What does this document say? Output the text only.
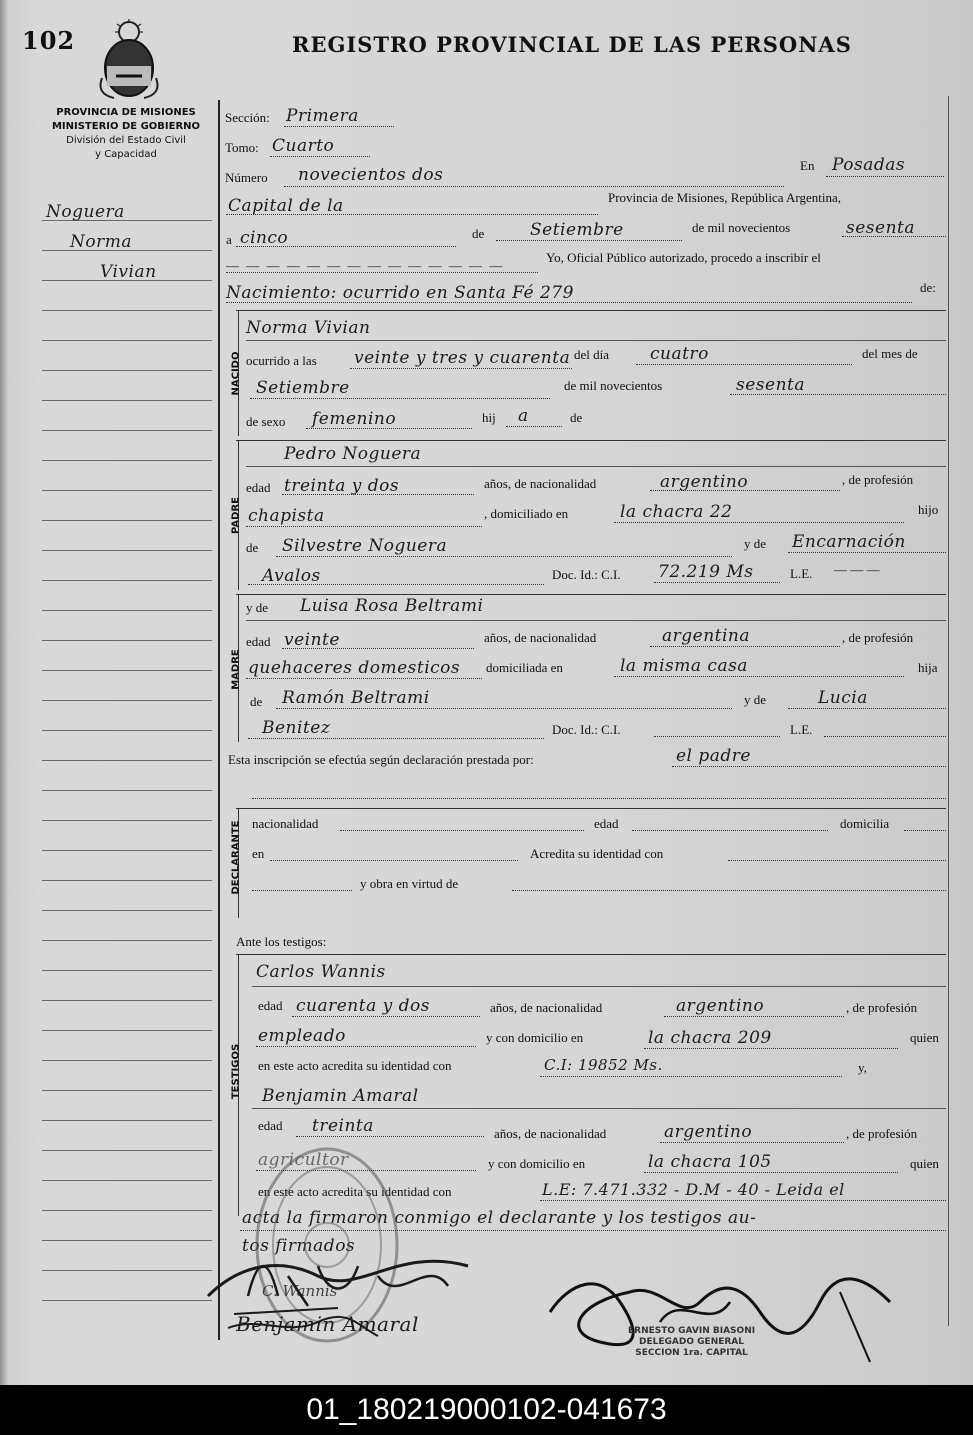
102	REGISTRO PROVINCIAL DE LAS PERSONAS
PROVINCIA DE MISIONES
MINISTERIO DE GOBIERNO
División del Estado Civil
y Capacidad
Noguera
Norma
Vivian
Sección: Primera
Tomo: Cuarto
Número novecientos dos	En Posadas
Capital de la	Provincia de Misiones, República Argentina,
a cinco	de	Setiembre	de mil novecientos	sesenta
— — — — — — — — — — — — — —
Yo, Oficial Público autorizado, procedo a inscribir el
Nacimiento: ocurrido en Santa Fé 279	de:
NACIDO
Norma Vivian
ocurrido a las veinte y tres y cuarenta del día cuatro	del mes de
Setiembre	de mil novecientos	sesenta
de sexo femenino	hij a	de
PADRE
Pedro Noguera
edad treinta y dos	años, de nacionalidad	argentino	, de profesión
chapista	, domiciliado en	la chacra 22	hijo
de Silvestre Noguera	y de Encarnación
Avalos	Doc. Id.: C.I. 72.219 Ms	L.E. — — —
MADRE
y de Luisa Rosa Beltrami
edad veinte	años, de nacionalidad	argentina	, de profesión
quehaceres domesticos domiciliada en	la misma casa	hija
de Ramón Beltrami	y de	Lucia
Benitez	Doc. Id.: C.I.	L.E.
Esta inscripción se efectúa según declaración prestada por:	el padre
DECLARANTE nacionalidad	edad	domicilia
en	Acredita su identidad con
y obra en virtud de
Ante los testigos:
TESTIGOS
Carlos Wannis
edad cuarenta y dos	años, de nacionalidad	argentino	, de profesión
empleado	y con domicilio en	la chacra 209	quien
en este acto acredita su identidad con	C.I: 19852 Ms.	y,
Benjamin Amaral
edad treinta	años, de nacionalidad	argentino	, de profesión
agricultor	y con domicilio en	la chacra 105	quien
en este acto acredita su identidad con	L.E: 7.471.332 - D.M - 40 - Leida el
acta la firmaron conmigo el declarante y los testigos au-
tos firmados
Benjamin Amaral
C. Wannis
ERNESTO GAVIN BIASONI
DELEGADO GENERAL
SECCION 1ra. CAPITAL
01_180219000102-041673
